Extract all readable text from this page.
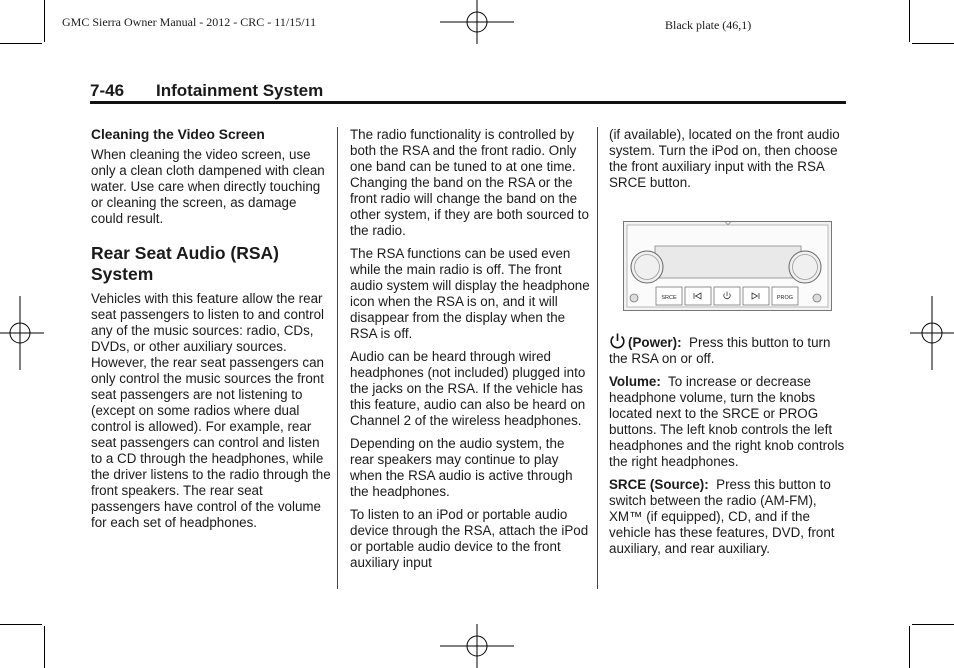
GMC Sierra Owner Manual - 2012 - CRC - 11/15/11	Black plate (46,1)
7-46 Infotainment System
Cleaning the Video Screen

When cleaning the video screen, use only a clean cloth dampened with clean water. Use care when directly touching or cleaning the screen, as damage could result.

Rear Seat Audio (RSA) System

Vehicles with this feature allow the rear seat passengers to listen to and control any of the music sources: radio, CDs, DVDs, or other auxiliary sources. However, the rear seat passengers can only control the music sources the front seat passengers are not listening to (except on some radios where dual control is allowed). For example, rear seat passengers can control and listen to a CD through the headphones, while the driver listens to the radio through the front speakers. The rear seat passengers have control of the volume for each set of headphones.

The radio functionality is controlled by both the RSA and the front radio. Only one band can be tuned to at one time. Changing the band on the RSA or the front radio will change the band on the other system, if they are both sourced to the radio.

The RSA functions can be used even while the main radio is off. The front audio system will display the headphone icon when the RSA is on, and it will disappear from the display when the RSA is off.

Audio can be heard through wired headphones (not included) plugged into the jacks on the RSA. If the vehicle has this feature, audio can also be heard on Channel 2 of the wireless headphones.

Depending on the audio system, the rear speakers may continue to play when the RSA audio is active through the headphones.

To listen to an iPod or portable audio device through the RSA, attach the iPod or portable audio device to the front auxiliary input

(if available), located on the front audio system. Turn the iPod on, then choose the front auxiliary input with the RSA SRCE button.

SRCE	PROG

(Power): Press this button to turn the RSA on or off.

Volume: To increase or decrease headphone volume, turn the knobs located next to the SRCE or PROG buttons. The left knob controls the left headphones and the right knob controls the right headphones.

SRCE (Source): Press this button to switch between the radio (AM-FM), XM™ (if equipped), CD, and if the vehicle has these features, DVD, front auxiliary, and rear auxiliary.
